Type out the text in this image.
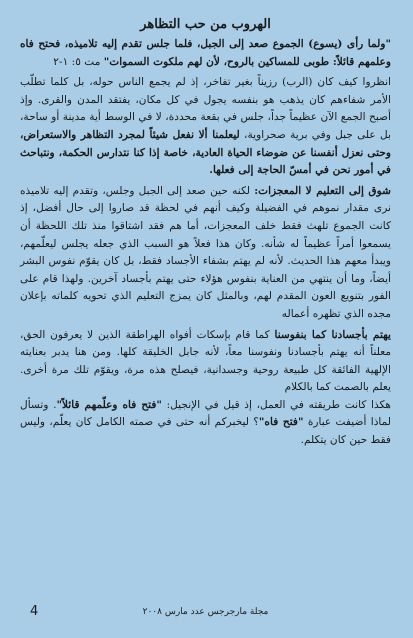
الهروب من حب التظاهر

"ولما رأى (يسوع) الجموع صعد إلى الجبل، فلما جلس تقدم إليه تلاميذه، فحتح فاه وعلمهم قائلاً: طوبى للمساكين بالروح، لأن لهم ملكوت السموات" مت ٥: ١-٢

انظروا كيف كان (الرب) رزيناً بغير تفاخر، إذ لم يجمع الناس حوله، بل كلما تطلّب الأمر شفاءهم كان يذهب هو بنفسه يجول في كل مكان، يفتقد المدن والقرى. وإذ أصبح الجمع الآن عظيماً جداً، جلس في بقعة محددة، لا في الوسط أية مدينة أو ساحة، بل على جبل وفي برية صحراوية، ليعلمنا ألا نفعل شيئاً لمجرد التظاهر والاستعراض، وحتى نعزل أنفسنا عن ضوضاء الحياة العادية، خاصة إذا كنا نتدارس الحكمة، ونتباحث في أمور نحن في أمسّ الحاجة إلى فعلها.

شوق إلى التعليم لا المعجزات: لكنه حين صعد إلى الجبل وجلس، وتقدم إليه تلاميذه نرى مقدار نموهم في الفضيلة وكيف أنهم في لحظة قد صاروا إلى حال أفضل، إذ كانت الجموع تلهث فقط خلف المعجزات، أما هم فقد اشتاقوا منذ تلك اللحظة أن يسمعوا أمراً عظيماً له شأنه. وكان هذا فعلاً هو السبب الذي جعله يجلس ليعلّمهم، ويبدأ معهم هذا الحديث. لأنه لم يهتم بشفاء الأجساد فقط، بل كان يقوّم نفوس البشر أيضاً، وما أن ينتهي من العناية بنفوس هؤلاء حتى يهتم بأجساد آخرين. ولهذا قام على الفور بتنويع العون المقدم لهم، وبالمثل كان يمزج التعليم الذي تحويه كلماته بإعلان مجده الذي تظهره أعماله

يهتم بأجسادنا كما بنفوسنا كما قام بإسكات أفواه الهراطقة الذين لا يعرفون الحق، معلناً أنه يهتم بأجسادنا ونفوسنا معاً، لأنه جابل الخليقة كلها. ومن هنا يدبر بعنايته الإلهية الفائقة كل طبيعة روحية وجسدانية، فيصلح هذه مرة، ويقوّم تلك مرة أخرى. يعلم بالصمت كما بالكلام

هكذا كانت طريقته في العمل، إذ قيل في الإنجيل: "فتح فاه وعلّمهم قائلاً". وتسأل لماذا أضيفت عبارة "فتح فاه"؟ ليخبركم أنه حتى في صمته الكامل كان يعلّم، وليس فقط حين كان يتكلم.

4	مجلة مارجرجس عدد مارس ٢٠٠٨
